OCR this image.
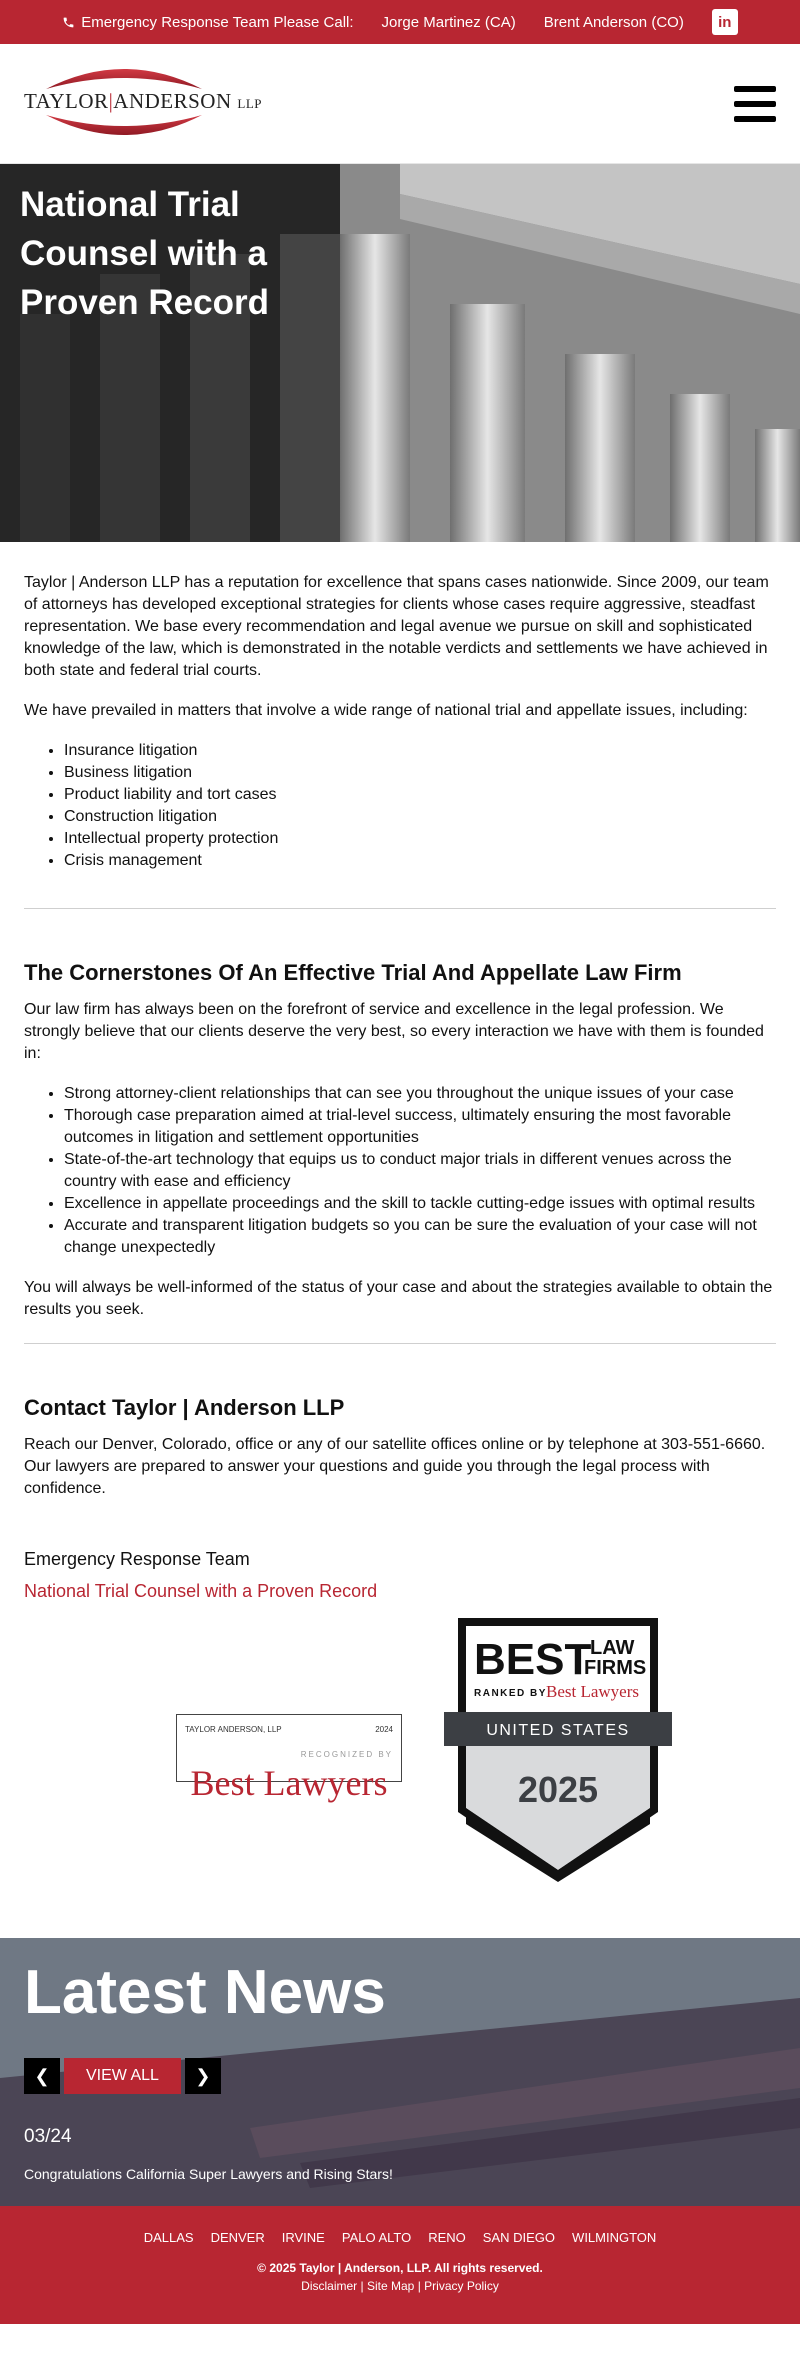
Emergency Response Team Please Call: Jorge Martinez (CA) Brent Anderson (CO)	in
TAYLOR|ANDERSON LLP
National Trial Counsel with a Proven Record

Taylor | Anderson LLP has a reputation for excellence that spans cases nationwide. Since 2009, our team of attorneys has developed exceptional strategies for clients whose cases require aggressive, steadfast representation. We base every recommendation and legal avenue we pursue on skill and sophisticated knowledge of the law, which is demonstrated in the notable verdicts and settlements we have achieved in both state and federal trial courts.

We have prevailed in matters that involve a wide range of national trial and appellate issues, including:

• Insurance litigation
• Business litigation
• Product liability and tort cases
• Construction litigation
• Intellectual property protection
• Crisis management
The Cornerstones Of An Effective Trial And Appellate Law Firm

Our law firm has always been on the forefront of service and excellence in the legal profession. We strongly believe that our clients deserve the very best, so every interaction we have with them is founded in:

• Strong attorney-client relationships that can see you throughout the unique issues of your case
• Thorough case preparation aimed at trial-level success, ultimately ensuring the most favorable outcomes in litigation and settlement opportunities
• State-of-the-art technology that equips us to conduct major trials in different venues across the country with ease and efficiency
• Excellence in appellate proceedings and the skill to tackle cutting-edge issues with optimal results
• Accurate and transparent litigation budgets so you can be sure the evaluation of your case will not change unexpectedly

You will always be well-informed of the status of your case and about the strategies available to obtain the results you seek.

Contact Taylor | Anderson LLP

Reach our Denver, Colorado, office or any of our satellite offices online or by telephone at 303-551-6660. Our lawyers are prepared to answer your questions and guide you through the legal process with confidence.

Emergency Response Team
National Trial Counsel with a Proven Record
TAYLOR ANDERSON, LLP	2024
RECOGNIZED BY
Best Lawyers
BEST
LAW
FIRMS
RANKED BY Best Lawyers
UNITED STATES
2025
Latest News
❮	VIEW ALL	❯
03/24
Congratulations California Super Lawyers and Rising Stars!
DALLAS DENVER IRVINE PALO ALTO RENO SAN DIEGO WILMINGTON
© 2025 Taylor | Anderson, LLP. All rights reserved.
Disclaimer | Site Map | Privacy Policy
